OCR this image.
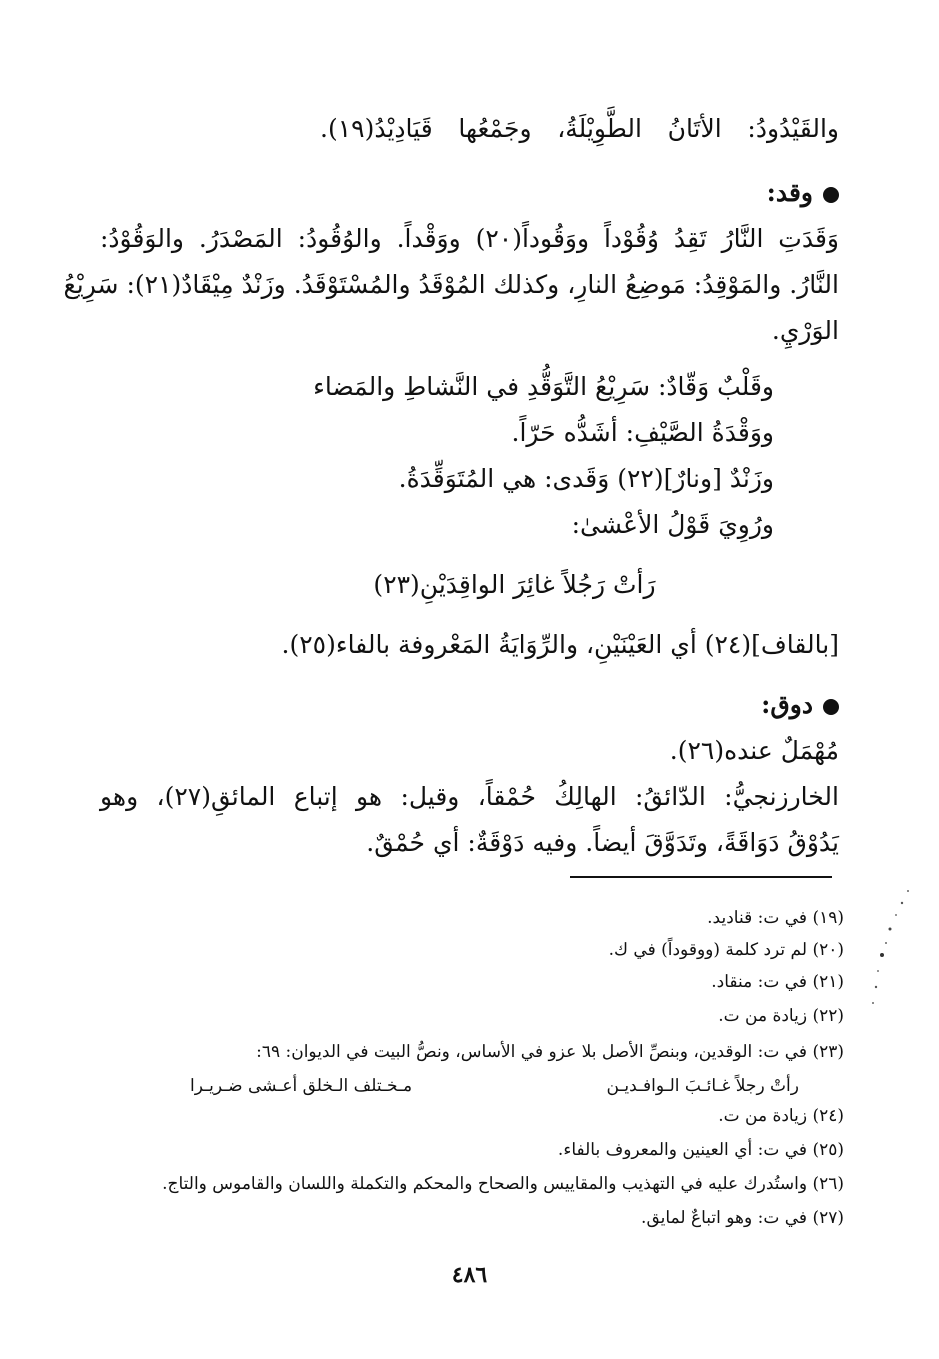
والقَيْدُودُ: الأتَانُ الطَّوِيْلَةُ، وجَمْعُها قَيَادِيْدُ(١٩).
وقد:
وَقَدَتِ النَّارُ تَقِدُ وُقُوْداً ووَقُوداً(٢٠) ووَقْداً. والوُقُودُ: المَصْدَرُ. والوَقُوْدُ:
النَّارُ. والمَوْقِدُ: مَوضِعُ النارِ، وكذلك المُوْقَدُ والمُسْتَوْقَدُ. وزَنْدٌ مِيْقَادٌ(٢١): سَرِيْعُ
الوَرْيِ.
وقَلْبٌ وَقّادٌ: سَرِيْعُ التَّوَقُّدِ في النَّشاطِ والمَضاء
ووَقْدَةُ الصَّيْفِ: أشَدُّه حَرّاً.
وزَنْدٌ [ونارٌ](٢٢) وَقَدى: هي المُتَوَقِّدَةُ.
ورُوِيَ قَوْلُ الأعْشىٰ:
رَأتْ رَجُلاً غائِرَ الواقِدَيْنِ(٢٣)
[بالقاف](٢٤) أي العَيْنَيْنِ، والرِّوَايَةُ المَعْروفة بالفاء(٢٥).
دوق:
مُهْمَلٌ عنده(٢٦).
الخارزنجيُّ: الدّائقُ: الهالِكُ حُمْقاً، وقيل: هو إتباع المائقِ(٢٧)، وهو
يَدُوْقُ دَوَاقَةً، وتَدَوَّقَ أيضاً. وفيه دَوْقَةٌ: أي حُمْقٌ.
(١٩) في ت: قناديد.
(٢٠) لم ترد كلمة (ووقوداً) في ك.
(٢١) في ت: منقاد.
(٢٢) زيادة من ت.
(٢٣) في ت: الوقدين، وبنصِّ الأصل بلا عزو في الأساس، ونصُّ البيت في الديوان: ٦٩:
رأتْ رجلاً غـائـبَ الـوافـديـن
مـخـتلف الـخلق أعـشى ضـريـرا
(٢٤) زيادة من ت.
(٢٥) في ت: أي العينين والمعروف بالفاء.
(٢٦) واستُدرك عليه في التهذيب والمقاييس والصحاح والمحكم والتكملة واللسان والقاموس والتاج.
(٢٧) في ت: وهو اتباعٌ لمايق.
٤٨٦
